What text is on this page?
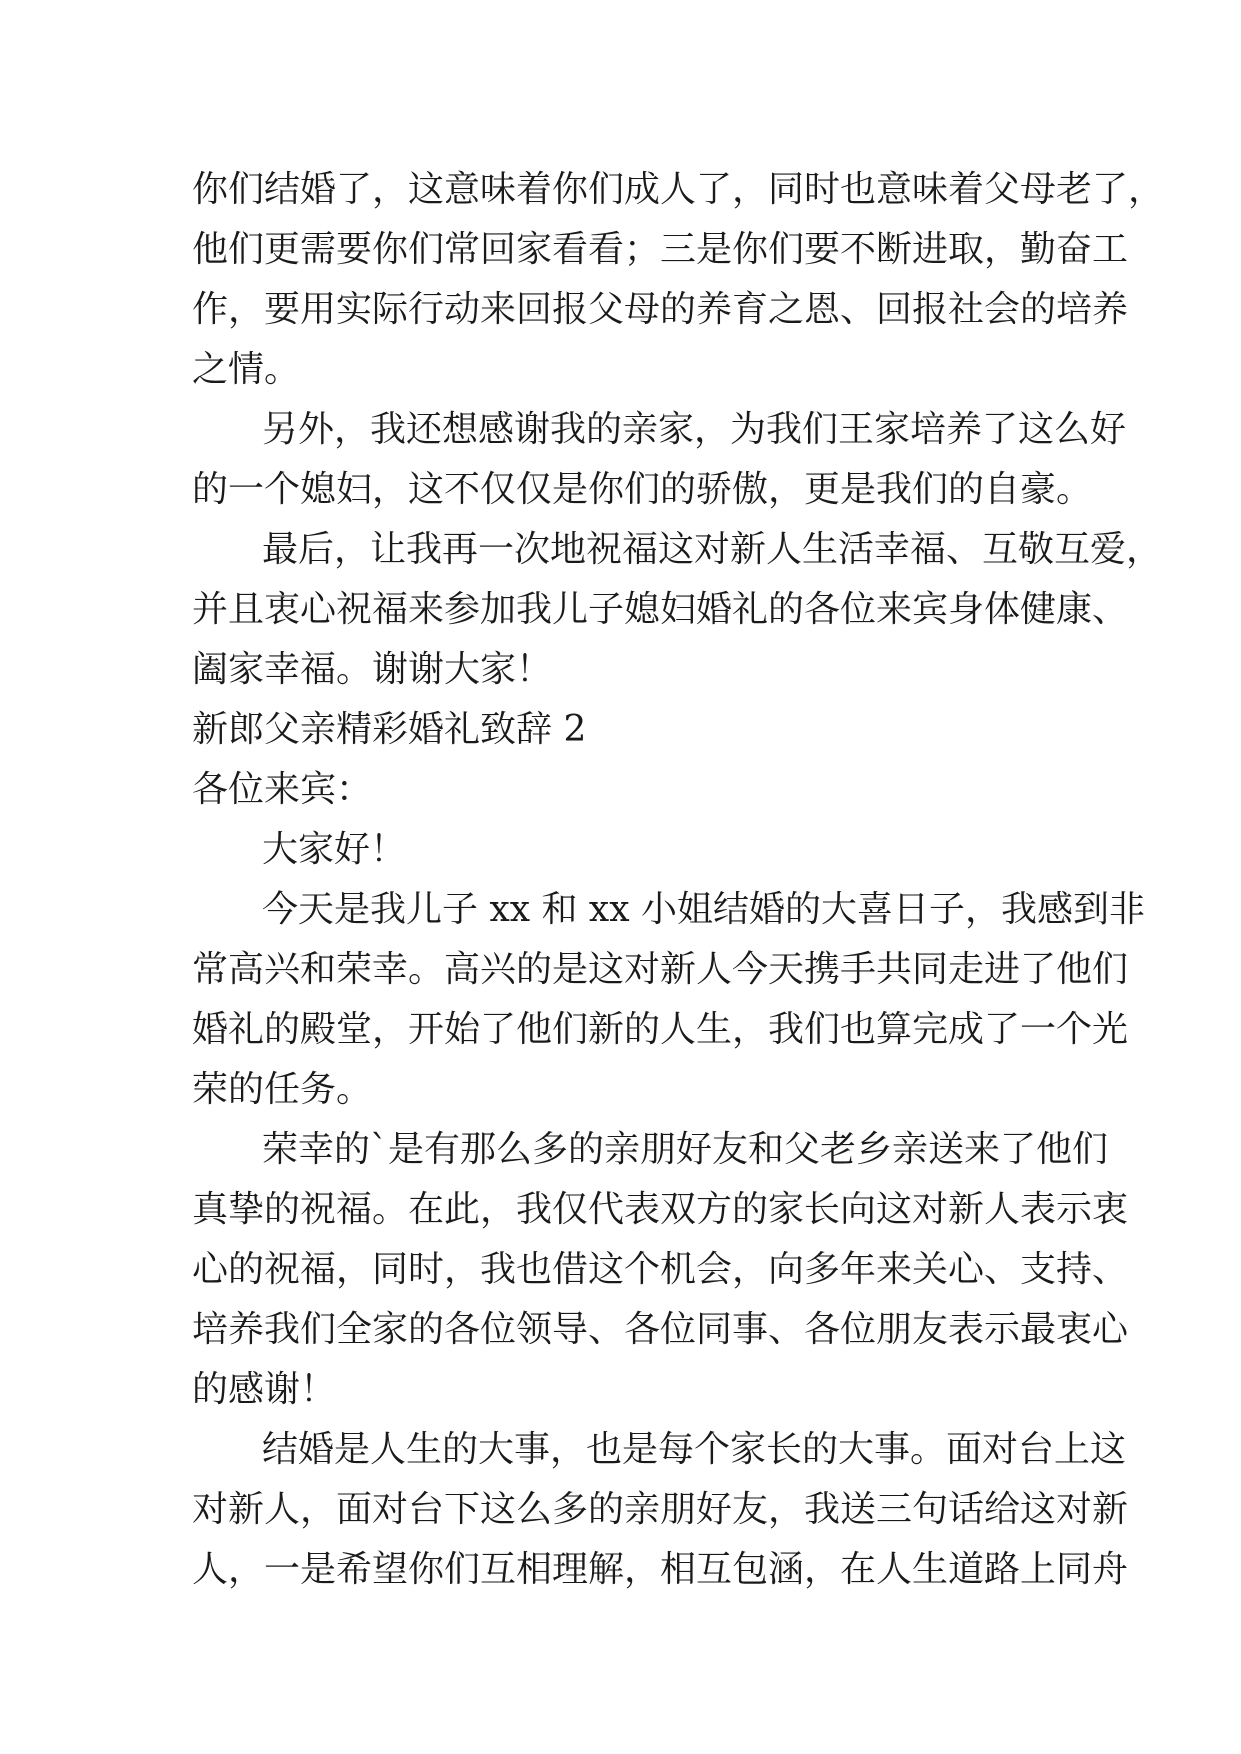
你们结婚了，这意味着你们成人了，同时也意味着父母老了，
他们更需要你们常回家看看；三是你们要不断进取，勤奋工
作，要用实际行动来回报父母的养育之恩、回报社会的培养
之情。
另外，我还想感谢我的亲家，为我们王家培养了这么好
的一个媳妇，这不仅仅是你们的骄傲，更是我们的自豪。
最后，让我再一次地祝福这对新人生活幸福、互敬互爱，
并且衷心祝福来参加我儿子媳妇婚礼的各位来宾身体健康、
阖家幸福。谢谢大家！
新郎父亲精彩婚礼致辞 2
各位来宾：
大家好！
今天是我儿子 xx 和 xx 小姐结婚的大喜日子，我感到非
常高兴和荣幸。高兴的是这对新人今天携手共同走进了他们
婚礼的殿堂，开始了他们新的人生，我们也算完成了一个光
荣的任务。
荣幸的`是有那么多的亲朋好友和父老乡亲送来了他们
真挚的祝福。在此，我仅代表双方的家长向这对新人表示衷
心的祝福，同时，我也借这个机会，向多年来关心、支持、
培养我们全家的各位领导、各位同事、各位朋友表示最衷心
的感谢！
结婚是人生的大事，也是每个家长的大事。面对台上这
对新人，面对台下这么多的亲朋好友，我送三句话给这对新
人，一是希望你们互相理解，相互包涵，在人生道路上同舟
